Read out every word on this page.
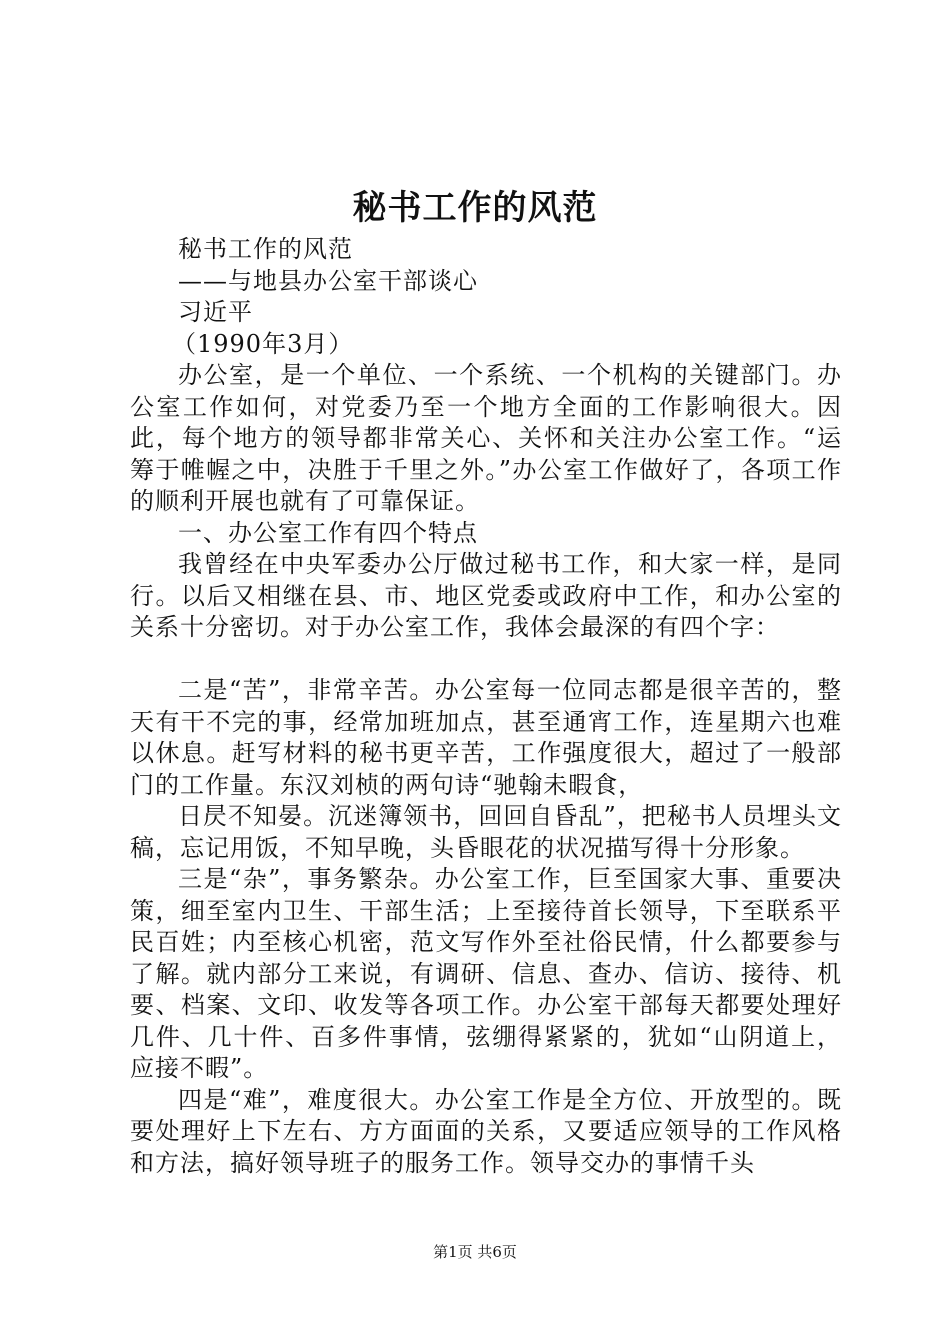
秘书工作的风范

秘书工作的风范

——与地县办公室干部谈心

习近平

（1990年3月）

办公室，是一个单位、一个系统、一个机构的关键部门。办公室工作如何，对党委乃至一个地方全面的工作影响很大。因此，每个地方的领导都非常关心、关怀和关注办公室工作。“运筹于帷幄之中，决胜于千里之外。”办公室工作做好了，各项工作的顺利开展也就有了可靠保证。

一、办公室工作有四个特点

我曾经在中央军委办公厅做过秘书工作，和大家一样，是同行。以后又相继在县、市、地区党委或政府中工作，和办公室的关系十分密切。对于办公室工作，我体会最深的有四个字：

二是“苦”，非常辛苦。办公室每一位同志都是很辛苦的，整天有干不完的事，经常加班加点，甚至通宵工作，连星期六也难以休息。赶写材料的秘书更辛苦，工作强度很大，超过了一般部门的工作量。东汉刘桢的两句诗“驰翰未暇食，

日昃不知晏。沉迷簿领书，回回自昏乱”，把秘书人员埋头文稿，忘记用饭，不知早晚，头昏眼花的状况描写得十分形象。

三是“杂”，事务繁杂。办公室工作，巨至国家大事、重要决策，细至室内卫生、干部生活；上至接待首长领导，下至联系平民百姓；内至核心机密，范文写作外至社俗民情，什么都要参与了解。就内部分工来说，有调研、信息、查办、信访、接待、机要、档案、文印、收发等各项工作。办公室干部每天都要处理好几件、几十件、百多件事情，弦绷得紧紧的，犹如“山阴道上，应接不暇”。

四是“难”，难度很大。办公室工作是全方位、开放型的。既要处理好上下左右、方方面面的关系，又要适应领导的工作风格和方法，搞好领导班子的服务工作。领导交办的事情千头

第1页 共6页
